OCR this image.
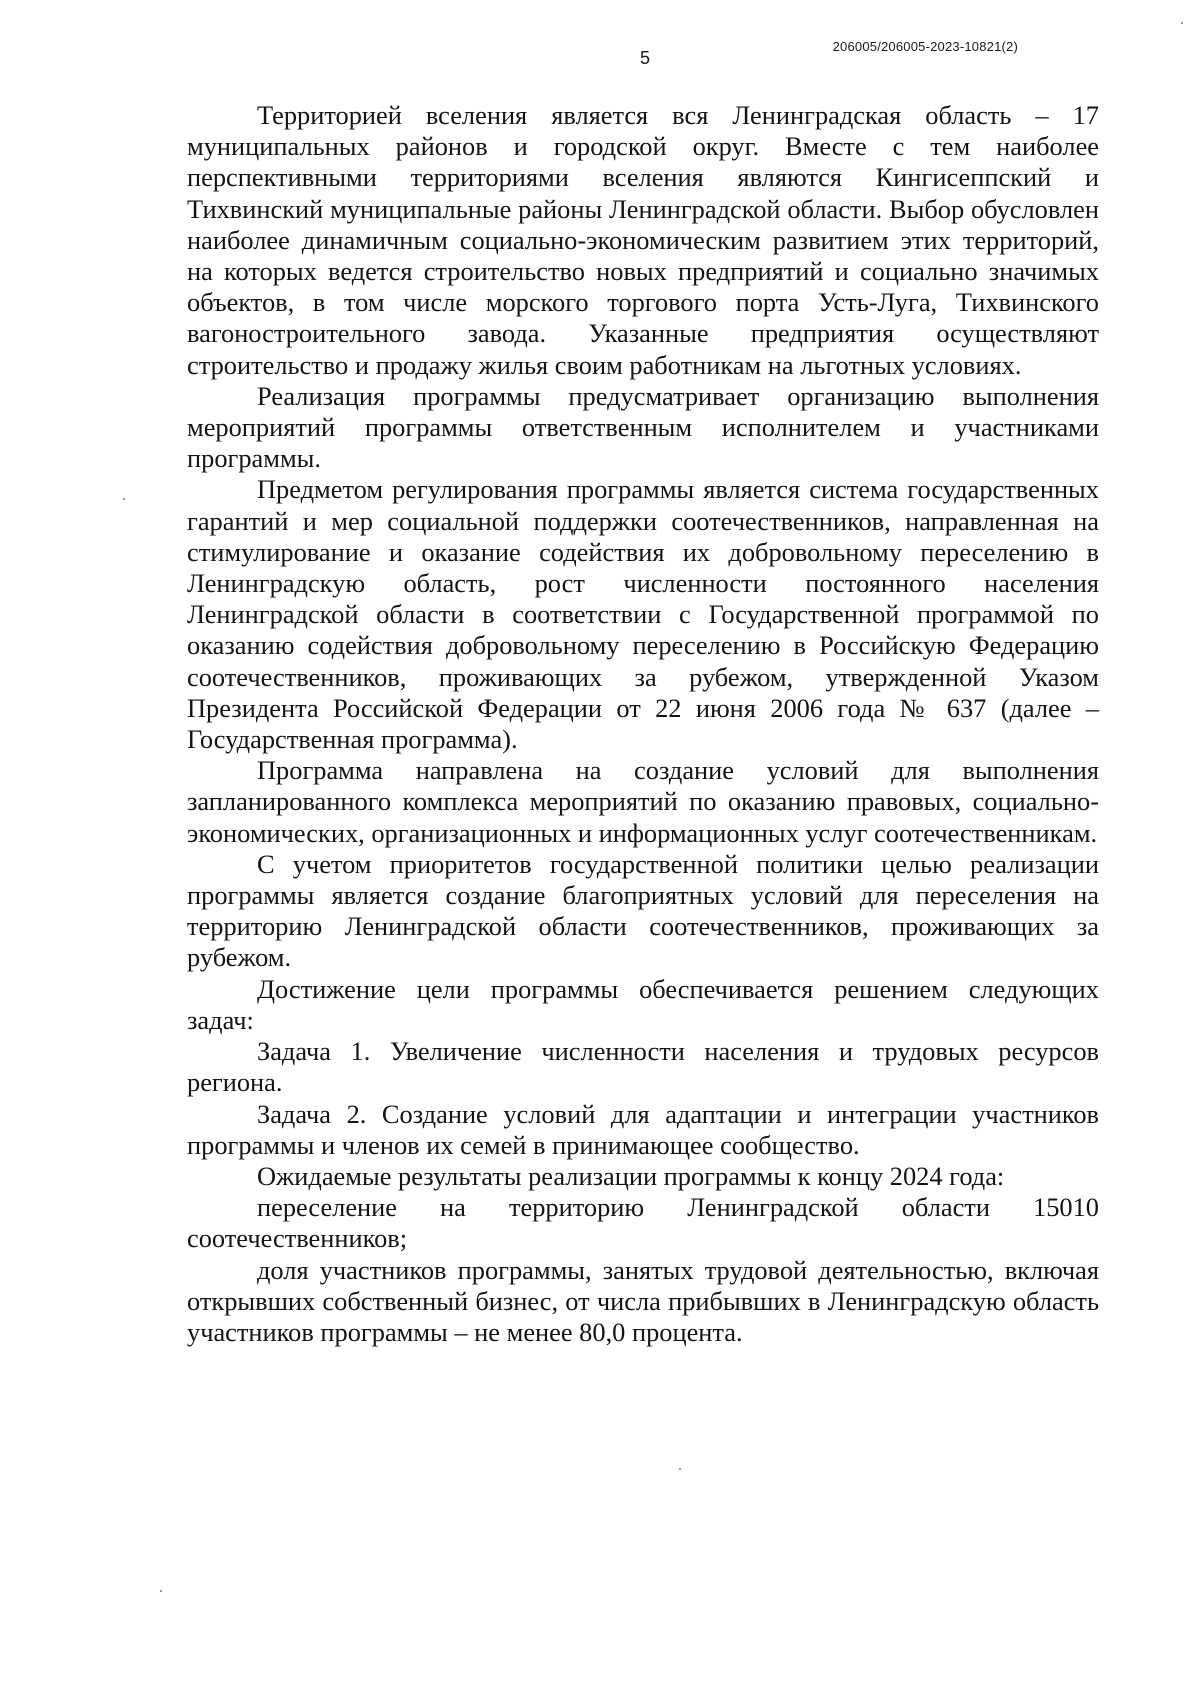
206005/206005-2023-10821(2)
5

Территорией вселения является вся Ленинградская область – 17 муниципальных районов и городской округ. Вместе с тем наиболее перспективными территориями вселения являются Кингисеппский и Тихвинский муниципальные районы Ленинградской области. Выбор обусловлен наиболее динамичным социально-экономическим развитием этих территорий, на которых ведется строительство новых предприятий и социально значимых объектов, в том числе морского торгового порта Усть-Луга, Тихвинского вагоностроительного завода. Указанные предприятия осуществляют строительство и продажу жилья своим работникам на льготных условиях.

Реализация программы предусматривает организацию выполнения мероприятий программы ответственным исполнителем и участниками программы.

Предметом регулирования программы является система государственных гарантий и мер социальной поддержки соотечественников, направленная на стимулирование и оказание содействия их добровольному переселению в Ленинградскую область, рост численности постоянного населения Ленинградской области в соответствии с Государственной программой по оказанию содействия добровольному переселению в Российскую Федерацию соотечественников, проживающих за рубежом, утвержденной Указом Президента Российской Федерации от 22 июня 2006 года № 637 (далее – Государственная программа).

Программа направлена на создание условий для выполнения запланированного комплекса мероприятий по оказанию правовых, социально-экономических, организационных и информационных услуг соотечественникам.

С учетом приоритетов государственной политики целью реализации программы является создание благоприятных условий для переселения на территорию Ленинградской области соотечественников, проживающих за рубежом.

Достижение цели программы обеспечивается решением следующих задач:

Задача 1. Увеличение численности населения и трудовых ресурсов региона.

Задача 2. Создание условий для адаптации и интеграции участников программы и членов их семей в принимающее сообщество.

Ожидаемые результаты реализации программы к концу 2024 года:

переселение на территорию Ленинградской области 15010 соотечественников;

доля участников программы, занятых трудовой деятельностью, включая открывших собственный бизнес, от числа прибывших в Ленинградскую область участников программы – не менее 80,0 процента.
